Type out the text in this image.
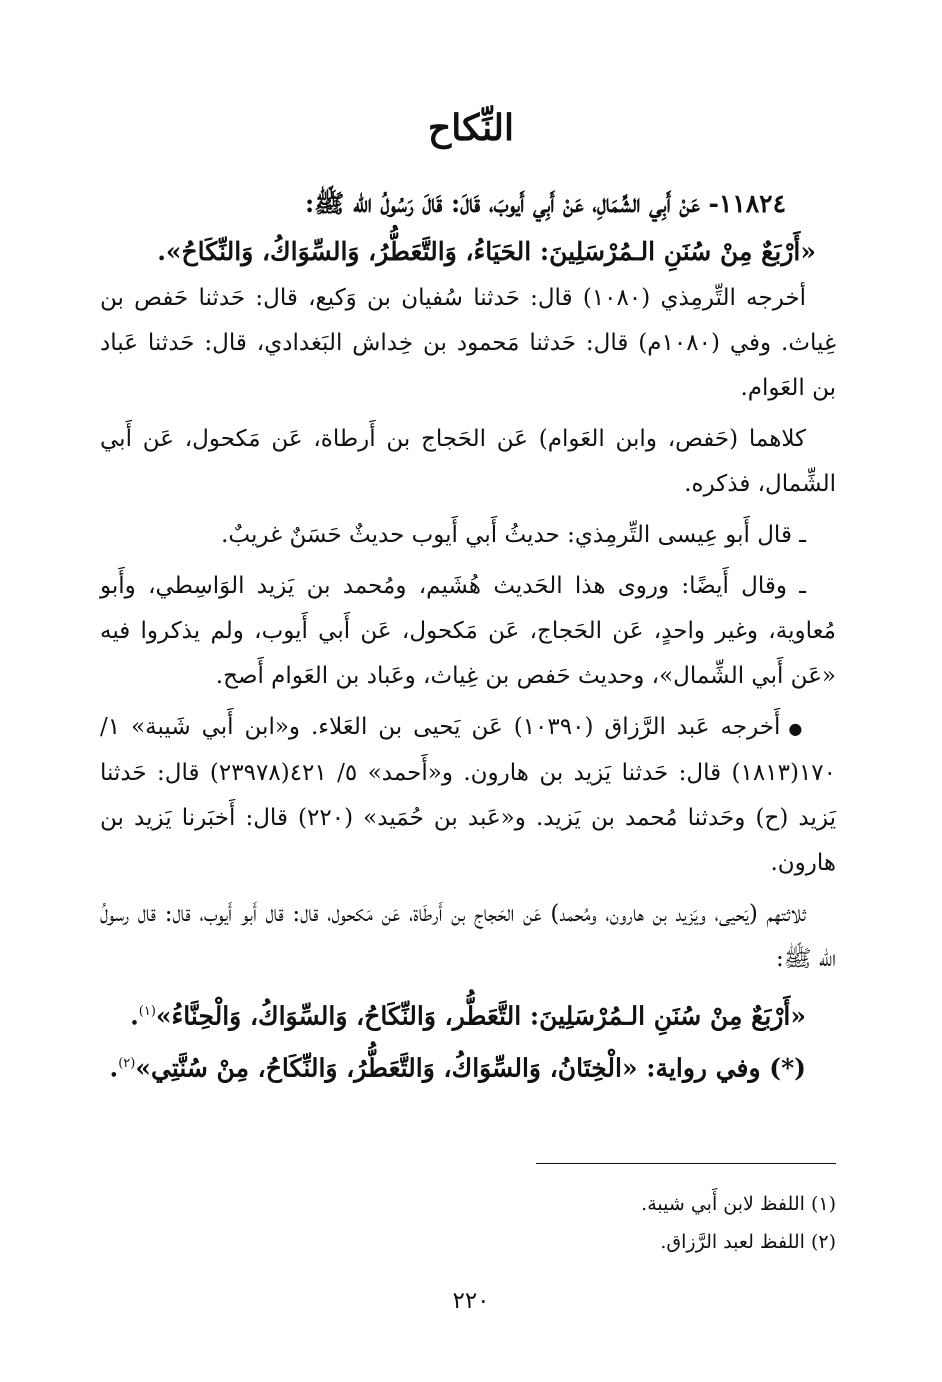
النِّكاح

١١٨٢٤- عَنْ أَبِي الشِّمَالِ، عَنْ أَبِي أَيوبَ، قَالَ: قَالَ رَسُولُ الله ﷺ:

«أَرْبَعٌ مِنْ سُنَنِ الـمُرْسَلِينَ: الحَيَاءُ، وَالتَّعَطُّرُ، وَالسِّوَاكُ، وَالنِّكَاحُ».

أخرجه التِّرمِذي (١٠٨٠) قال: حَدثنا سُفيان بن وَكيع، قال: حَدثنا حَفص بن غِياث. وفي (١٠٨٠م) قال: حَدثنا مَحمود بن خِداش البَغدادي، قال: حَدثنا عَباد بن العَوام.

كلاهما (حَفص، وابن العَوام) عَن الحَجاج بن أَرطاة، عَن مَكحول، عَن أَبي الشِّمال، فذكره.

ـ قال أَبو عِيسى التِّرمِذي: حديثُ أَبي أَيوب حديثٌ حَسَنٌ غريبٌ.

ـ وقال أَيضًا: وروى هذا الحَديث هُشَيم، ومُحمد بن يَزيد الوَاسِطي، وأَبو مُعاوية، وغير واحدٍ، عَن الحَجاج، عَن مَكحول، عَن أَبي أَيوب، ولم يذكروا فيه «عَن أَبي الشِّمال»، وحديث حَفص بن غِياث، وعَباد بن العَوام أَصح.

●أَخرجه عَبد الرَّزاق (١٠٣٩٠) عَن يَحيى بن العَلاء. و«ابن أَبي شَيبة» ١/ ١٧٠(١٨١٣) قال: حَدثنا يَزيد بن هارون. و«أَحمد» ٥/ ٤٢١(٢٣٩٧٨) قال: حَدثنا يَزيد (ح) وحَدثنا مُحمد بن يَزيد. و«عَبد بن حُمَيد» (٢٢٠) قال: أَخبَرنا يَزيد بن هارون.

ثلاثتهم (يَحيى، ويَزيد بن هارون، ومُحمد) عَن الحَجاج بن أَرطَاة، عَن مَكحول، قال: قال أَبو أَيوب، قال: قال رسولُ الله ﷺ:

«أَرْبَعٌ مِنْ سُنَنِ الـمُرْسَلِينَ: التَّعَطُّر، وَالنِّكَاحُ، وَالسِّوَاكُ، وَالْحِنَّاءُ»$^{(١)}$.

(*) وفي رواية: «الْخِتَانُ، وَالسِّوَاكُ، وَالتَّعَطُّرُ، وَالنِّكَاحُ، مِنْ سُنَّتِي»$^{(٢)}$.

(١) اللفظ لابن أَبي شيبة.

(٢) اللفظ لعبد الرَّزاق.

٢٢٠
